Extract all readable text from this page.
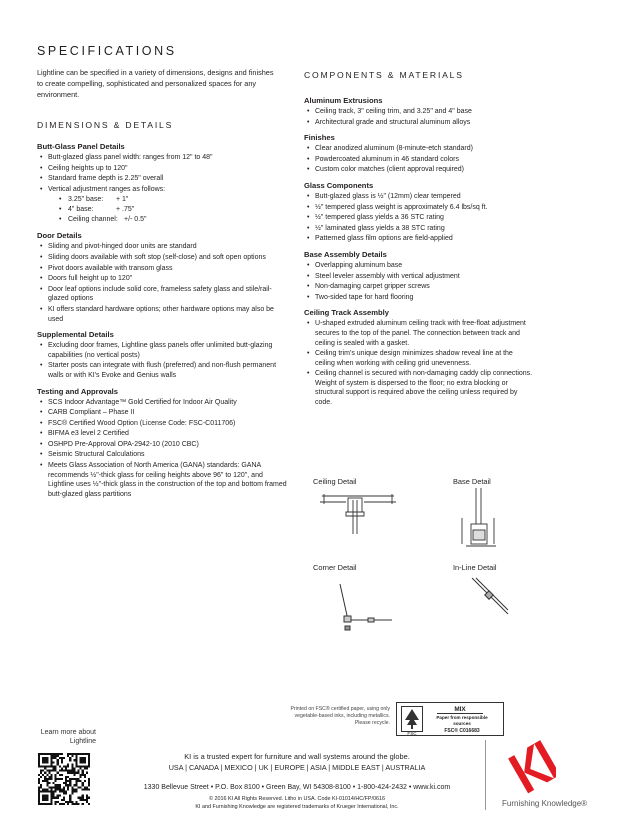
SPECIFICATIONS
Lightline can be specified in a variety of dimensions, designs and finishes to create compelling, sophisticated and personalized spaces for any environment.
DIMENSIONS & DETAILS
Butt-Glass Panel Details
• Butt-glazed glass panel width: ranges from 12" to 48"
• Ceiling heights up to 120"
• Standard frame depth is 2.25" overall
• Vertical adjustment ranges as follows:
• 3.25" base:	+ 1"
• 4" base:	+ .75"
• Ceiling channel: +/- 0.5"
Door Details
• Sliding and pivot-hinged door units are standard
• Sliding doors available with soft stop (self-close) and soft open options
• Pivot doors available with transom glass
• Doors full height up to 120"
• Door leaf options include solid core, frameless safety glass and stile/rail-glazed options
• KI offers standard hardware options; other hardware options may also be used
Supplemental Details
• Excluding door frames, Lightline glass panels offer unlimited butt-glazing capabilities (no vertical posts)
• Starter posts can integrate with flush (preferred) and non-flush permanent walls or with KI's Evoke and Genius walls
Testing and Approvals
• SCS Indoor Advantage™ Gold Certified for Indoor Air Quality
• CARB Compliant – Phase II
• FSC® Certified Wood Option (License Code: FSC-C011706)
• BIFMA e3 level 2 Certified
• OSHPD Pre-Approval OPA-2942-10 (2010 CBC)
• Seismic Structural Calculations
• Meets Glass Association of North America (GANA) standards: GANA recommends ½"-thick glass for ceiling heights above 96" to 120", and Lightline uses ½"-thick glass in the construction of the top and bottom framed butt-glazed glass partitions
COMPONENTS & MATERIALS
Aluminum Extrusions
• Ceiling track, 3" ceiling trim, and 3.25" and 4" base
• Architectural grade and structural aluminum alloys
Finishes
• Clear anodized aluminum (8-minute-etch standard)
• Powdercoated aluminum in 46 standard colors
• Custom color matches (client approval required)
Glass Components
• Butt-glazed glass is ½" (12mm) clear tempered
• ½" tempered glass weight is approximately 6.4 lbs/sq ft.
• ½" tempered glass yields a 36 STC rating
• ½" laminated glass yields a 38 STC rating
• Patterned glass film options are field-applied
Base Assembly Details
• Overlapping aluminum base
• Steel leveler assembly with vertical adjustment
• Non-damaging carpet gripper screws
• Two-sided tape for hard flooring
Ceiling Track Assembly
• U-shaped extruded aluminum ceiling track with free-float adjustment secures to the top of the panel. The connection between track and ceiling is sealed with a gasket.
• Ceiling trim's unique design minimizes shadow reveal line at the ceiling when working with ceiling grid unevenness.
• Ceiling channel is secured with non-damaging caddy clip connections. Weight of system is dispersed to the floor; no extra blocking or structural support is required above the ceiling unless required by code.
Ceiling Detail	Base Detail
Corner Detail	In-Line Detail
Printed on FSC® certified paper, using only vegetable-based inks, including metallics. Please recycle.
FSC
MIX
Paper from responsible sources
FSC® C016683
Learn more about Lightline
KI is a trusted expert for furniture and wall systems around the globe.
USA | CANADA | MEXICO | UK | EUROPE | ASIA | MIDDLE EAST | AUSTRALIA
1330 Bellevue Street • P.O. Box 8100 • Green Bay, WI 54308-8100 • 1-800-424-2432 • www.ki.com
© 2016 KI All Rights Reserved. Litho in USA. Code KI-01014/HC/FP/0616
KI and Furnishing Knowledge are registered trademarks of Krueger International, Inc.	Furnishing Knowledge®
